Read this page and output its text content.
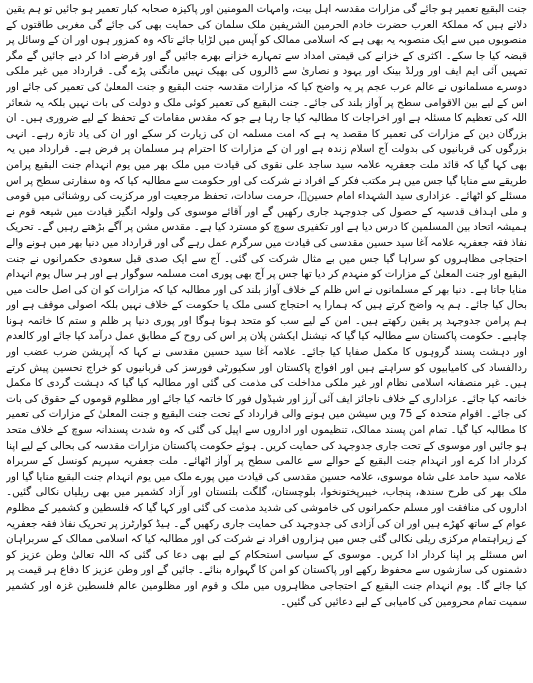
جنت البقیع تعمیر ہو جائے گی مزارات مقدسہ اہل بیت، وامہات المومنین اور پاکیزہ صحابہ کبار تعمیر ہو جائیں تو ہم یقین دلاتے ہیں کہ مملکۃ العرب حضرت خادم الحرمین الشریفین ملک سلمان کی حمایت بھی کی جائے گی مغربی طاقتوں کے منصوبوں میں سے ایک منصوبہ یہ بھی ہے کہ اسلامی ممالک کو آپس میں لڑایا جائے تاکہ وہ کمزور ہوں اور ان کے وسائل پر قبضہ کیا جا سکے۔ اکثری کے خزانے کی قیمتی امداد سے تمہارے خزانے بھرے جائیں گے اور قرضے ادا کر دیے جائیں گے مگر تمہیں آئی ایم ایف اور ورلڈ بینک اور یہود و نصاریٰ سے ڈالروں کی بھیک نہیں مانگنی پڑے گی۔ قرارداد میں غیر ملکی دوسرے مسلمانوں نے عالم عرب عجم پر یہ واضح کیا کہ مزارات مقدسہ جنت البقیع و جنت المعلیٰ کی تعمیر کی جائے اور اس کے لیے بین الاقوامی سطح پر آواز بلند کی جائے۔ جنت البقیع کی تعمیر کوئی ملک و دولت کی بات نہیں بلکہ یہ شعائر اللہ کی تعظیم کا مسئلہ ہے اور اخراجات کا مطالبہ کیا جا رہا ہے جو کہ مقدس مقامات کے تحفظ کے لیے ضروری ہیں۔ ان بزرگان دین کے مزارات کی تعمیر کا مقصد یہ ہے کہ امت مسلمہ ان کی زیارت کر سکے اور ان کی یاد تازہ رہے۔ انہی بزرگوں کی قربانیوں کی بدولت آج اسلام زندہ ہے اور ان کے مزارات کا احترام ہر مسلمان پر فرض ہے۔ قرارداد میں یہ بھی کہا گیا کہ قائد ملت جعفریہ علامہ سید ساجد علی نقوی کی قیادت میں ملک بھر میں یوم انہدام جنت البقیع پرامن طریقے سے منایا گیا جس میں ہر مکتب فکر کے افراد نے شرکت کی اور حکومت سے مطالبہ کیا کہ وہ سفارتی سطح پر اس مسئلے کو اٹھائے۔ عزاداری سید الشہداء امام حسینؑ، حرمت سادات، تحفظ مرجعیت اور مرکزیت کی روشنائی میں قومی و ملی اہداف قدسیہ کے حصول کی جدوجہد جاری رکھیں گے اور آقائے موسوی کی ولولہ انگیز قیادت میں شیعہ قوم نے ہمیشہ اتحاد بین المسلمین کا درس دیا ہے اور تکفیری سوچ کو مسترد کیا ہے۔ مقدس مشن پر آگے بڑھتے رہیں گے۔ تحریک نفاذ فقہ جعفریہ علامہ آغا سید حسین مقدسی کی قیادت میں سرگرم عمل رہے گی اور قرارداد میں دنیا بھر میں ہونے والے احتجاجی مظاہروں کو سراہا گیا جس میں بے مثال شرکت کی گئی۔ آج سے ایک صدی قبل سعودی حکمرانوں نے جنت البقیع اور جنت المعلیٰ کے مزارات کو منہدم کر دیا تھا جس پر آج بھی پوری امت مسلمہ سوگوار ہے اور ہر سال یوم انہدام منایا جاتا ہے۔ دنیا بھر کے مسلمانوں نے اس ظلم کے خلاف آواز بلند کی اور مطالبہ کیا کہ مزارات کو ان کی اصل حالت میں بحال کیا جائے۔ ہم یہ واضح کرتے ہیں کہ ہمارا یہ احتجاج کسی ملک یا حکومت کے خلاف نہیں بلکہ اصولی موقف ہے اور ہم پرامن جدوجہد پر یقین رکھتے ہیں۔ امن کے لیے سب کو متحد ہونا ہوگا اور پوری دنیا پر ظلم و ستم کا خاتمہ ہونا چاہیے۔ حکومت پاکستان سے مطالبہ کیا گیا کہ نیشنل ایکشن پلان پر اس کی روح کے مطابق عمل درآمد کیا جائے اور کالعدم اور دہشت پسند گروہوں کا مکمل صفایا کیا جائے۔ علامہ آغا سید حسین مقدسی نے کہا کہ آپریشن ضرب عضب اور ردالفساد کی کامیابیوں کو سراہتے ہیں اور افواج پاکستان اور سکیورٹی فورسز کی قربانیوں کو خراج تحسین پیش کرتے ہیں۔ غیر منصفانہ اسلامی نظام اور غیر ملکی مداخلت کی مذمت کی گئی اور مطالبہ کیا گیا کہ دہشت گردی کا مکمل خاتمہ کیا جائے۔ عزاداری کے خلاف ناجائز ایف آئی آرز اور شیڈول فور کا خاتمہ کیا جائے اور مظلوم قوموں کے حقوق کی بات کی جائے۔ اقوام متحدہ کے 75 ویں سیشن میں ہونے والی قرارداد کے تحت جنت البقیع و جنت المعلیٰ کے مزارات کی تعمیر کا مطالبہ کیا گیا۔ تمام امن پسند ممالک، تنظیموں اور اداروں سے اپیل کی گئی کہ وہ شدت پسندانہ سوچ کے خلاف متحد ہو جائیں اور موسوی کے تحت جاری جدوجہد کی حمایت کریں۔ ہوئے حکومت پاکستان مزارات مقدسہ کی بحالی کے لیے اپنا کردار ادا کرے اور انہدام جنت البقیع کے حوالے سے عالمی سطح پر آواز اٹھائے۔ ملت جعفریہ سپریم کونسل کے سربراہ علامہ سید حامد علی شاہ موسوی، علامہ حسین مقدسی کی قیادت میں پورے ملک میں یوم انہدام جنت البقیع منایا گیا اور ملک بھر کی طرح سندھ، پنجاب، خیبرپختونخوا، بلوچستان، گلگت بلتستان اور آزاد کشمیر میں بھی ریلیاں نکالی گئیں۔ اداروں کی منافقت اور مسلم حکمرانوں کی خاموشی کی شدید مذمت کی گئی اور کہا گیا کہ فلسطین و کشمیر کے مظلوم عوام کے ساتھ کھڑے ہیں اور ان کی آزادی کی جدوجہد کی حمایت جاری رکھیں گے۔ ہیڈ کوارٹرز پر تحریک نفاذ فقہ جعفریہ کے زیراہتمام مرکزی ریلی نکالی گئی جس میں ہزاروں افراد نے شرکت کی اور مطالبہ کیا کہ اسلامی ممالک کے سربراہان اس مسئلے پر اپنا کردار ادا کریں۔ موسوی کے سیاسی استحکام کے لیے بھی دعا کی گئی کہ اللہ تعالیٰ وطن عزیز کو دشمنوں کی سازشوں سے محفوظ رکھے اور پاکستان کو امن کا گہوارہ بنائے۔ جائیں گے اور وطن عزیز کا دفاع ہر قیمت پر کیا جائے گا۔ یوم انہدام جنت البقیع کے احتجاجی مظاہروں میں ملک و قوم اور مظلومین عالم فلسطین غزہ اور کشمیر سمیت تمام محرومین کی کامیابی کے لیے دعائیں کی گئیں۔
